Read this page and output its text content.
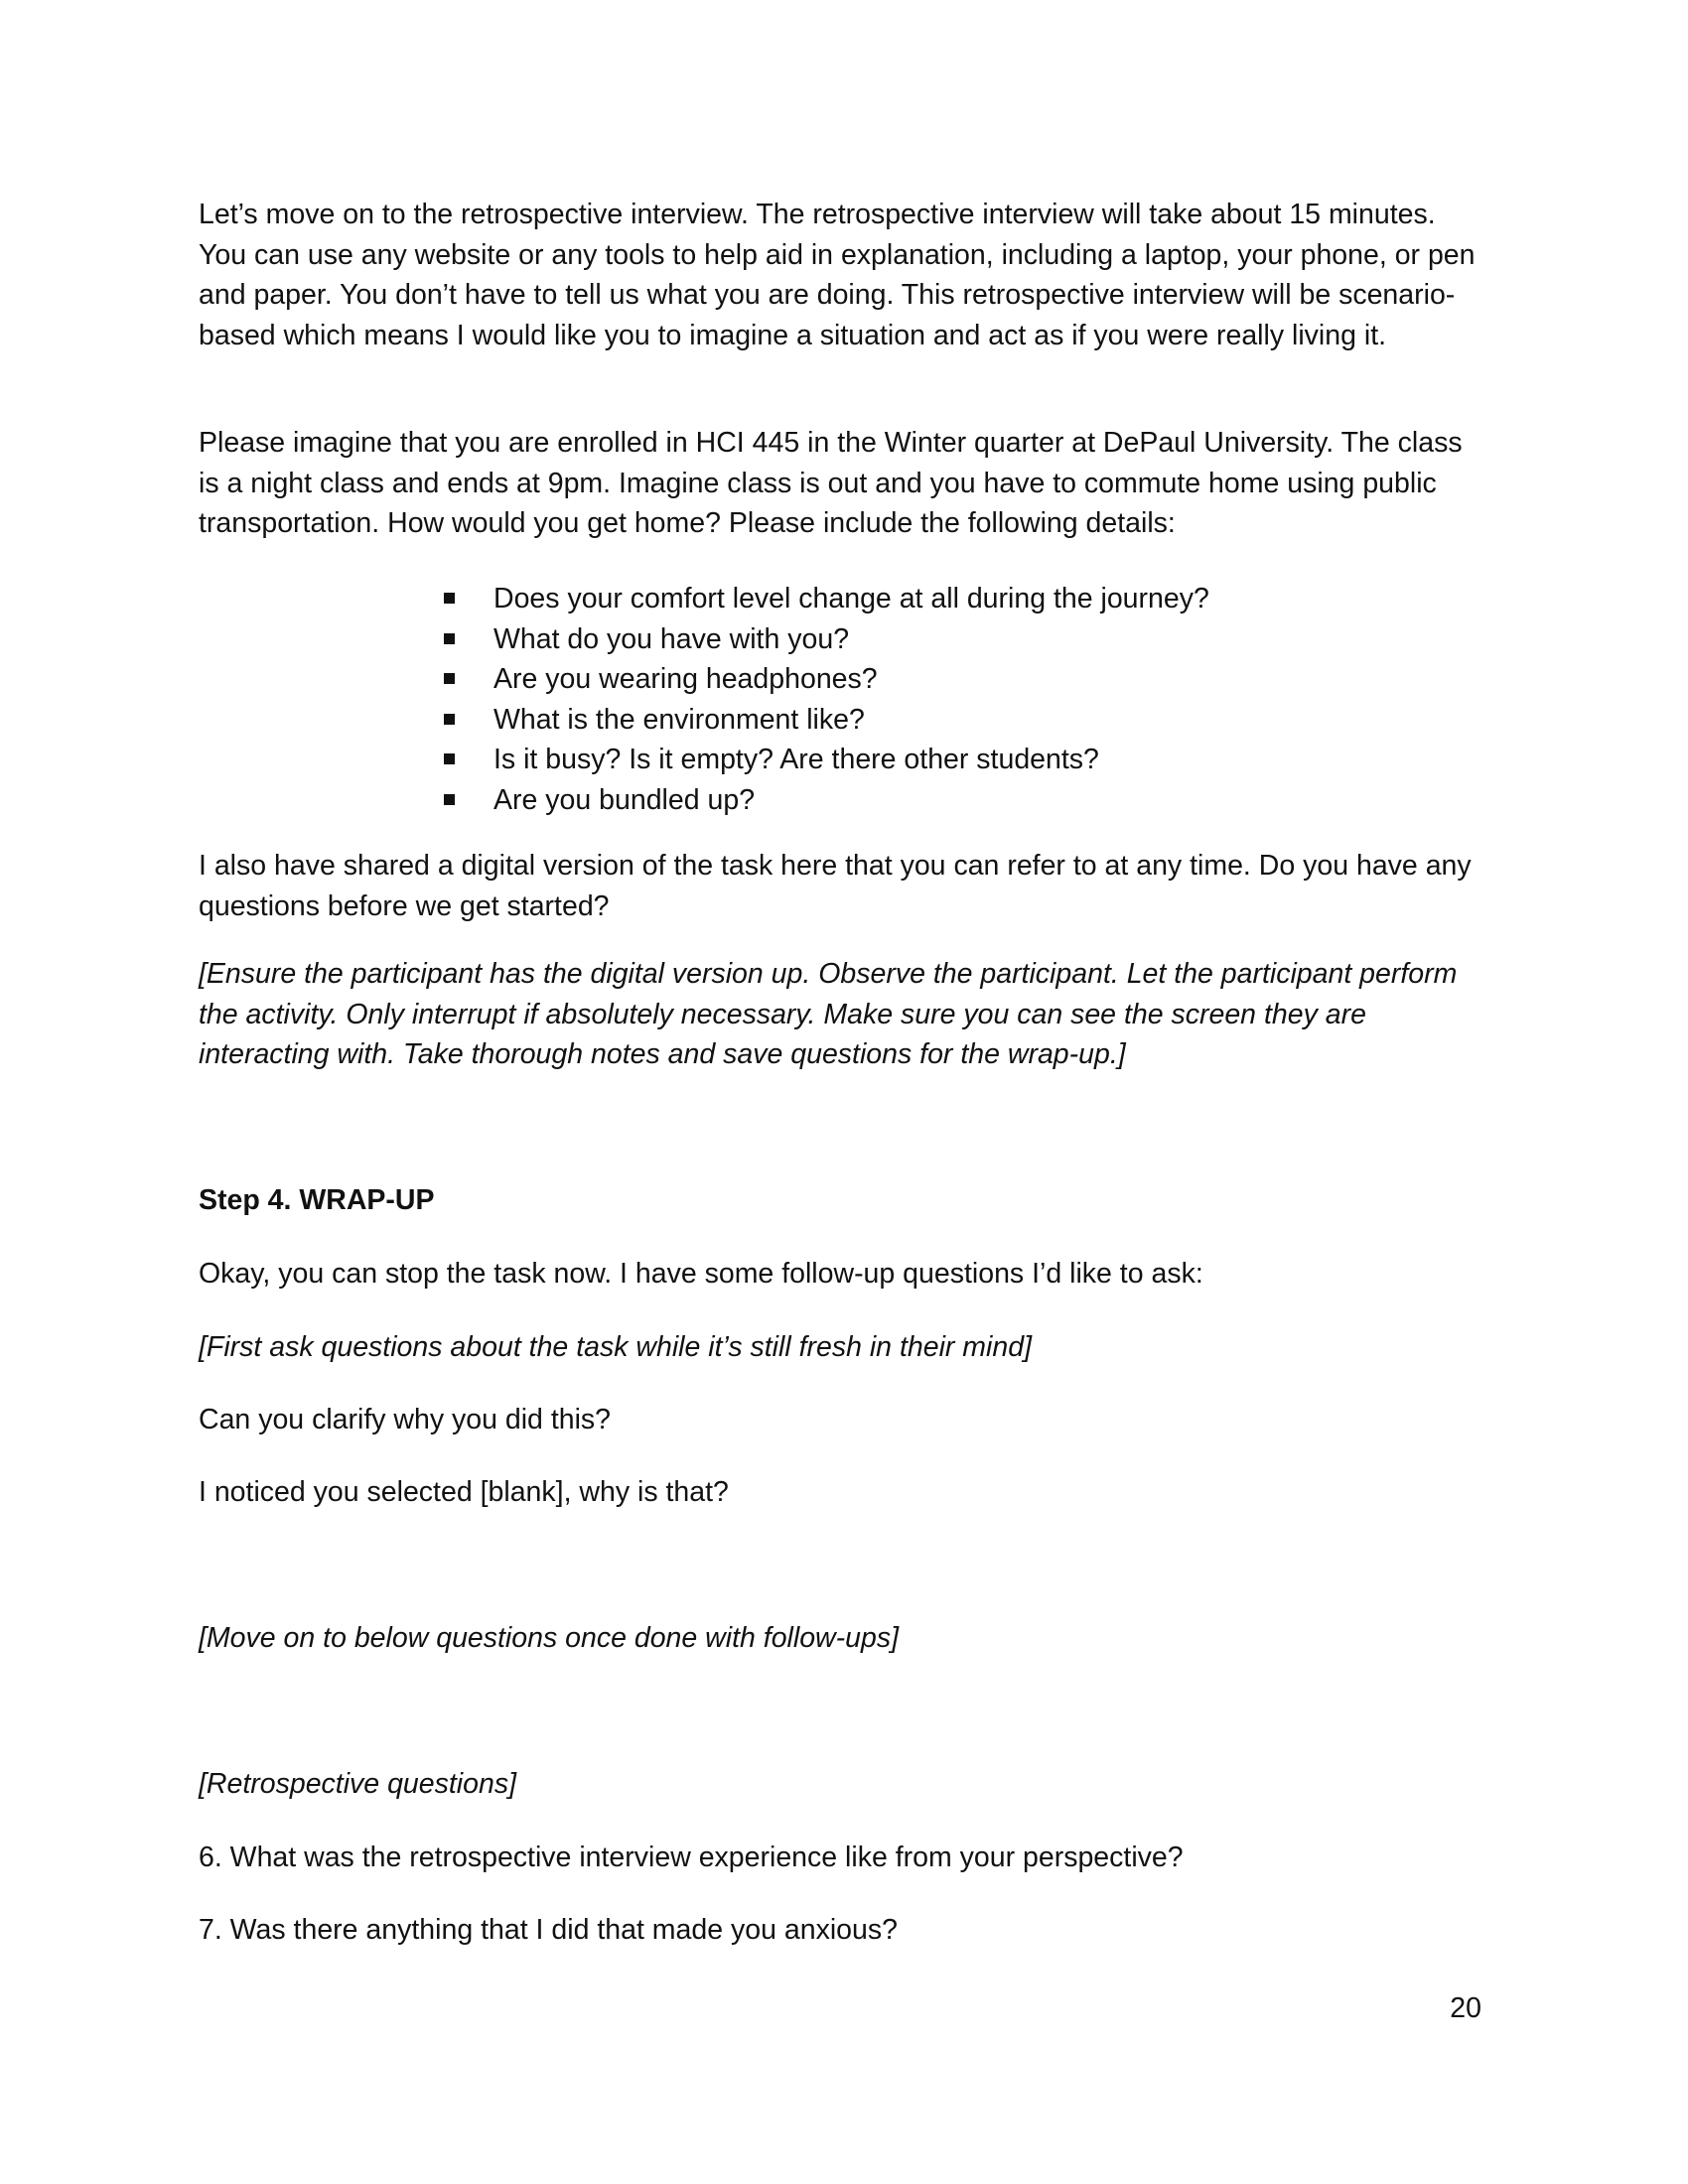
Let’s move on to the retrospective interview. The retrospective interview will take about 15 minutes. You can use any website or any tools to help aid in explanation, including a laptop, your phone, or pen and paper. You don’t have to tell us what you are doing. This retrospective interview will be scenario-based which means I would like you to imagine a situation and act as if you were really living it.

Please imagine that you are enrolled in HCI 445 in the Winter quarter at DePaul University. The class is a night class and ends at 9pm. Imagine class is out and you have to commute home using public transportation. How would you get home? Please include the following details:

Does your comfort level change at all during the journey?
What do you have with you?
Are you wearing headphones?
What is the environment like?
Is it busy? Is it empty? Are there other students?
Are you bundled up?

I also have shared a digital version of the task here that you can refer to at any time. Do you have any questions before we get started?

[Ensure the participant has the digital version up. Observe the participant. Let the participant perform the activity. Only interrupt if absolutely necessary. Make sure you can see the screen they are interacting with. Take thorough notes and save questions for the wrap-up.]

Step 4. WRAP-UP

Okay, you can stop the task now. I have some follow-up questions I’d like to ask:

[First ask questions about the task while it’s still fresh in their mind]

Can you clarify why you did this?

I noticed you selected [blank], why is that?

[Move on to below questions once done with follow-ups]

[Retrospective questions]

6. What was the retrospective interview experience like from your perspective?

7. Was there anything that I did that made you anxious?

20
